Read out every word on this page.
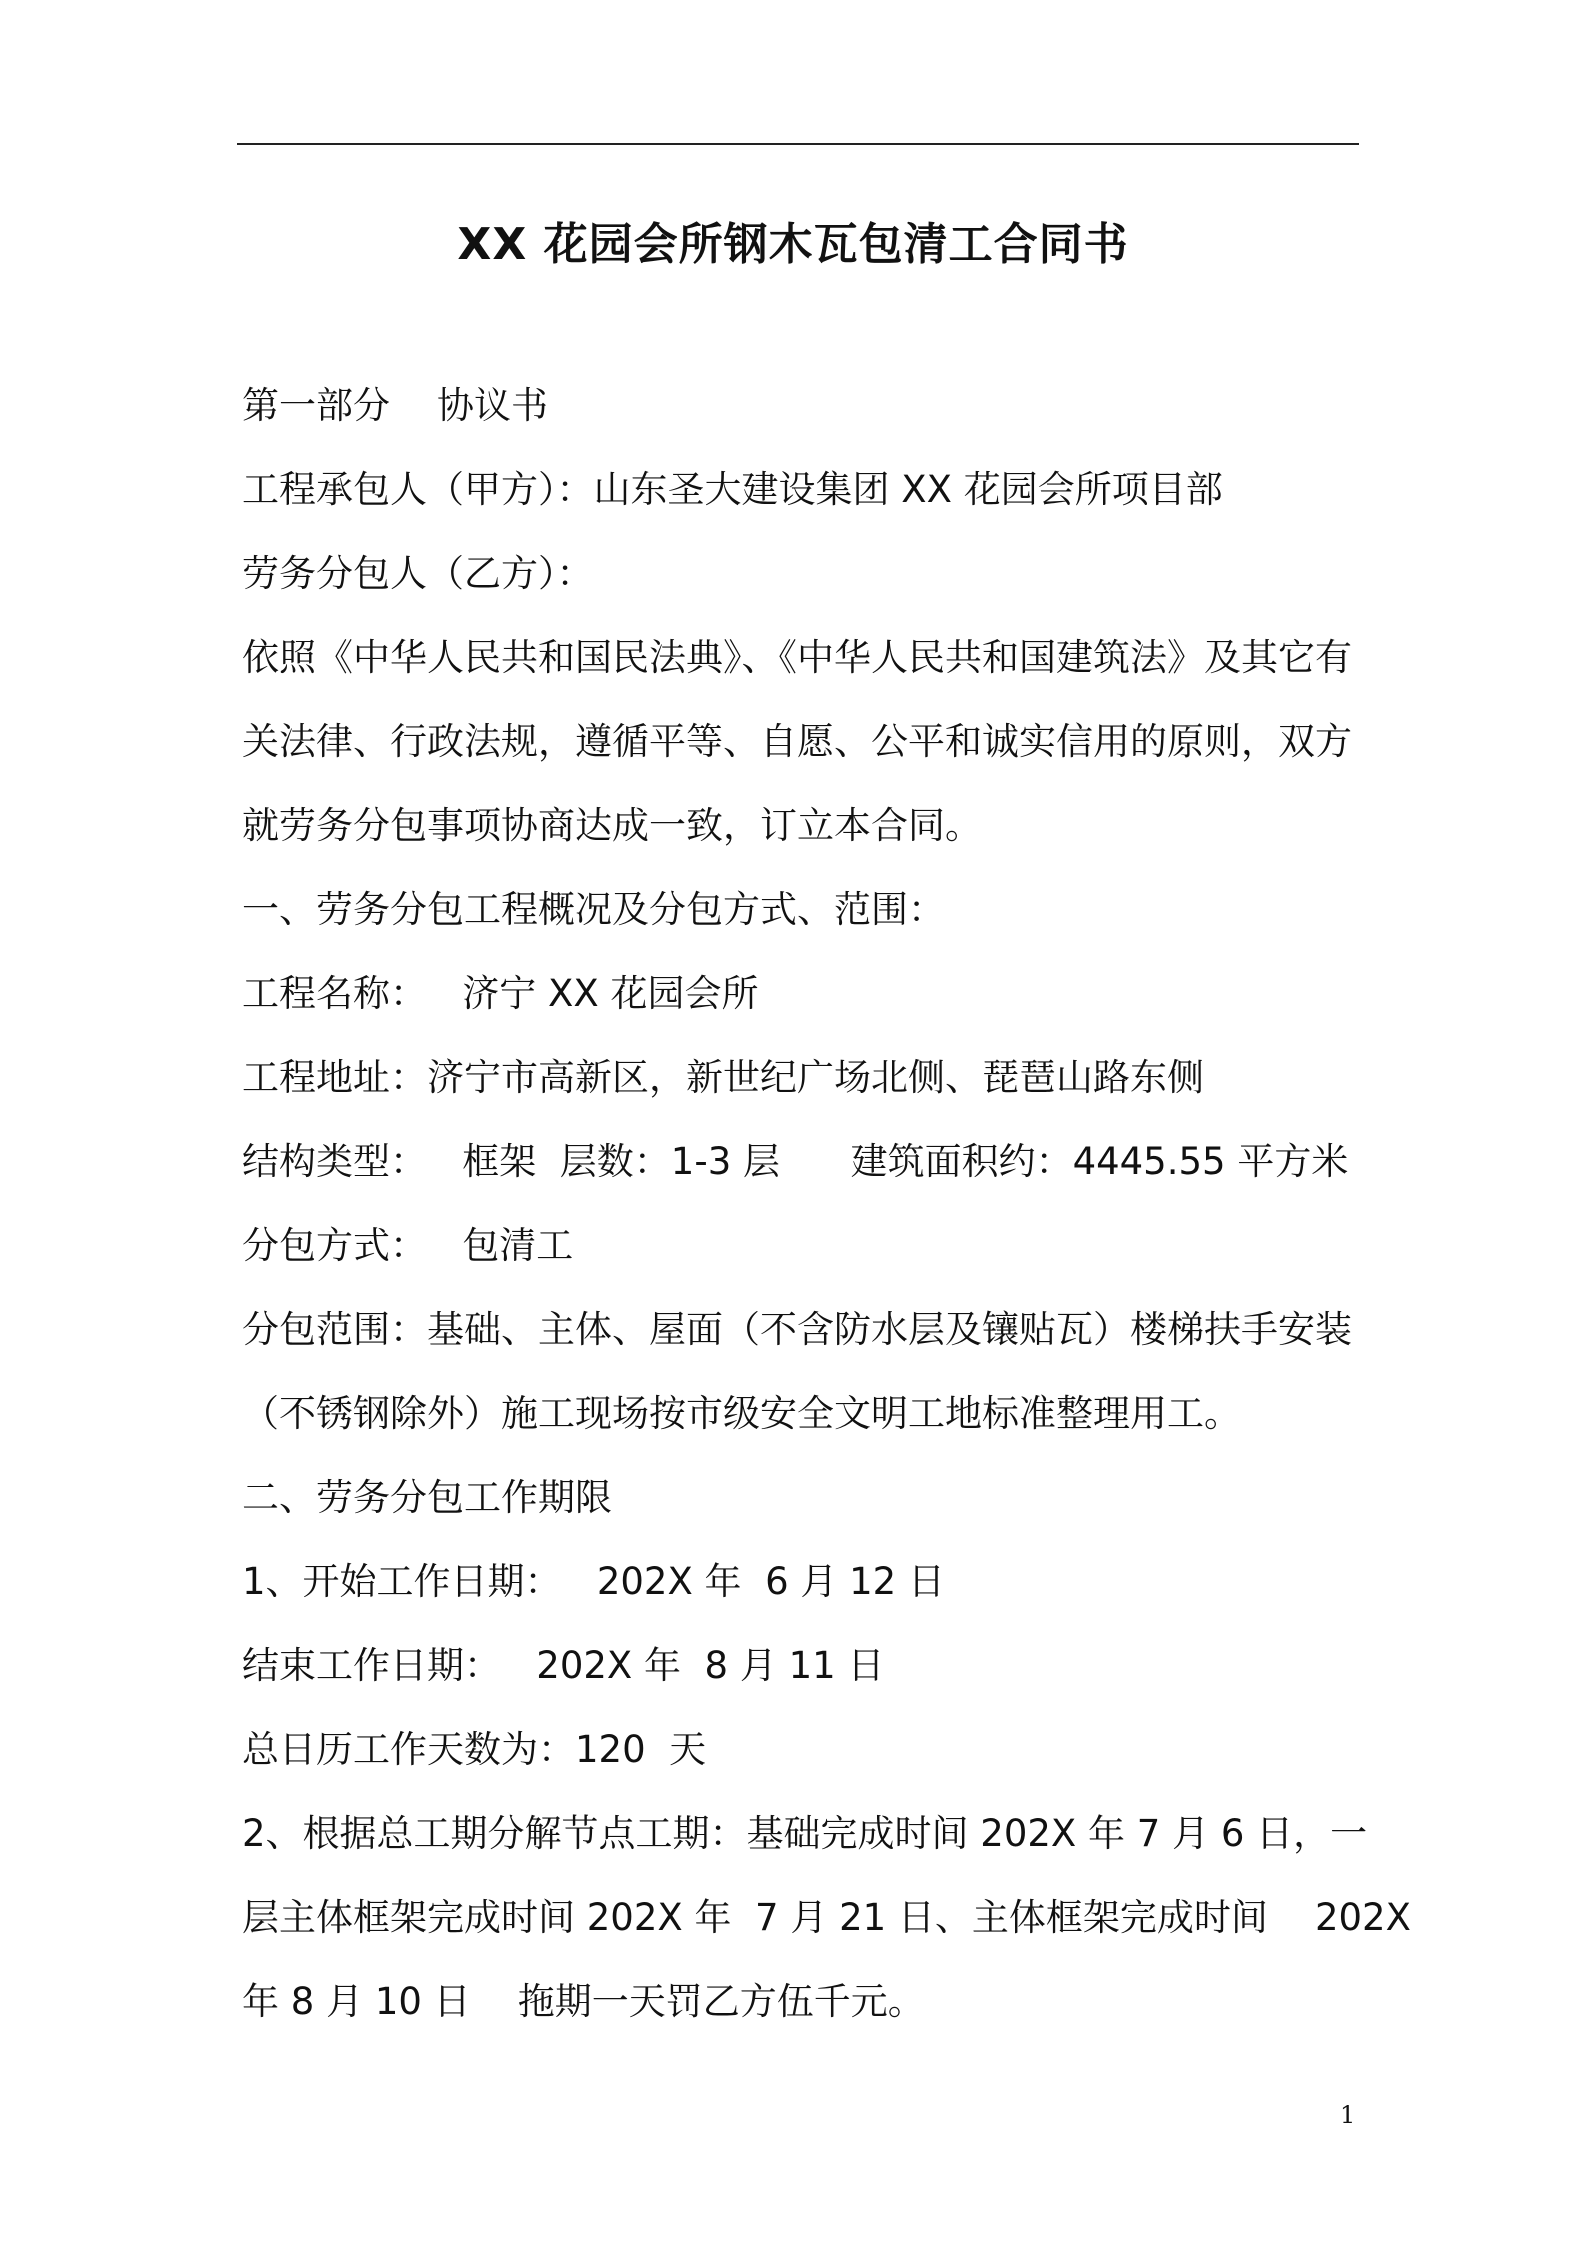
XX 花园会所钢木瓦包清工合同书
第一部分    协议书
工程承包人（甲方）：山东圣大建设集团 XX 花园会所项目部
劳务分包人（乙方）：
依照《中华人民共和国民法典》、《中华人民共和国建筑法》及其它有
关法律、行政法规，遵循平等、自愿、公平和诚实信用的原则，双方
就劳务分包事项协商达成一致，订立本合同。
一、劳务分包工程概况及分包方式、范围：
工程名称：   济宁 XX 花园会所
工程地址：济宁市高新区，新世纪广场北侧、琵琶山路东侧
结构类型：   框架  层数：1-3 层      建筑面积约：4445.55 平方米
分包方式：   包清工
分包范围：基础、主体、屋面（不含防水层及镶贴瓦）楼梯扶手安装
（不锈钢除外）施工现场按市级安全文明工地标准整理用工。
二、劳务分包工作期限
1、开始工作日期：   202X 年  6 月 12 日
结束工作日期：   202X 年  8 月 11 日
总日历工作天数为：120  天
2、根据总工期分解节点工期：基础完成时间 202X 年 7 月 6 日，一
层主体框架完成时间 202X 年  7 月 21 日、主体框架完成时间    202X
年 8 月 10 日    拖期一天罚乙方伍千元。
1
